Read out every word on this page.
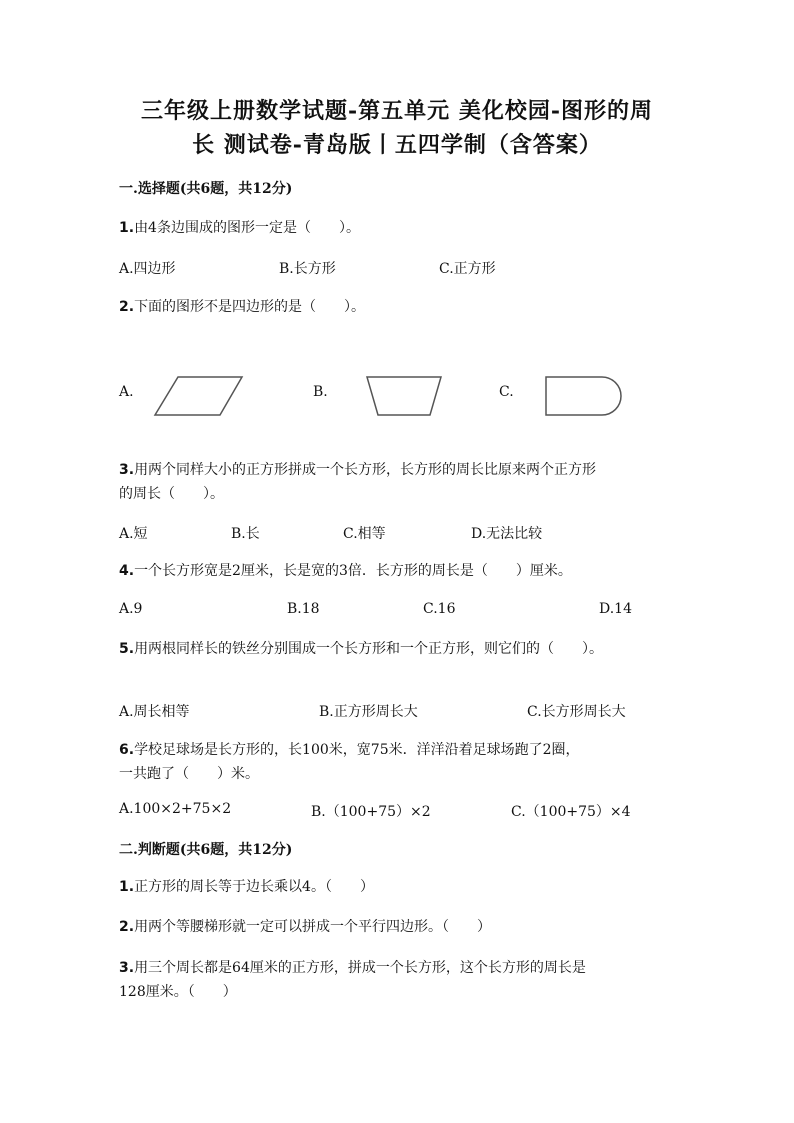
三年级上册数学试题-第五单元 美化校园-图形的周
长 测试卷-青岛版丨五四学制（含答案）
一.选择题(共6题，共12分)
1.由4条边围成的图形一定是（　　）。
A.四边形	B.长方形	C.正方形
2.下面的图形不是四边形的是（　　）。
A.	B.	C.
3.用两个同样大小的正方形拼成一个长方形，长方形的周长比原来两个正方形
的周长（　　）。
A.短	B.长	C.相等	D.无法比较
4.一个长方形宽是2厘米，长是宽的3倍．长方形的周长是（　　）厘米。
A.9	B.18	C.16	D.14
5.用两根同样长的铁丝分别围成一个长方形和一个正方形，则它们的（　　）。
A.周长相等	B.正方形周长大	C.长方形周长大
6.学校足球场是长方形的，长100米，宽75米．洋洋沿着足球场跑了2圈，
一共跑了（　　）米。
A.100×2+75×2	B.（100+75）×2	C.（100+75）×4
二.判断题(共6题，共12分)
1.正方形的周长等于边长乘以4。（　　）
2.用两个等腰梯形就一定可以拼成一个平行四边形。（　　）
3.用三个周长都是64厘米的正方形，拼成一个长方形，这个长方形的周长是
128厘米。（　　）
